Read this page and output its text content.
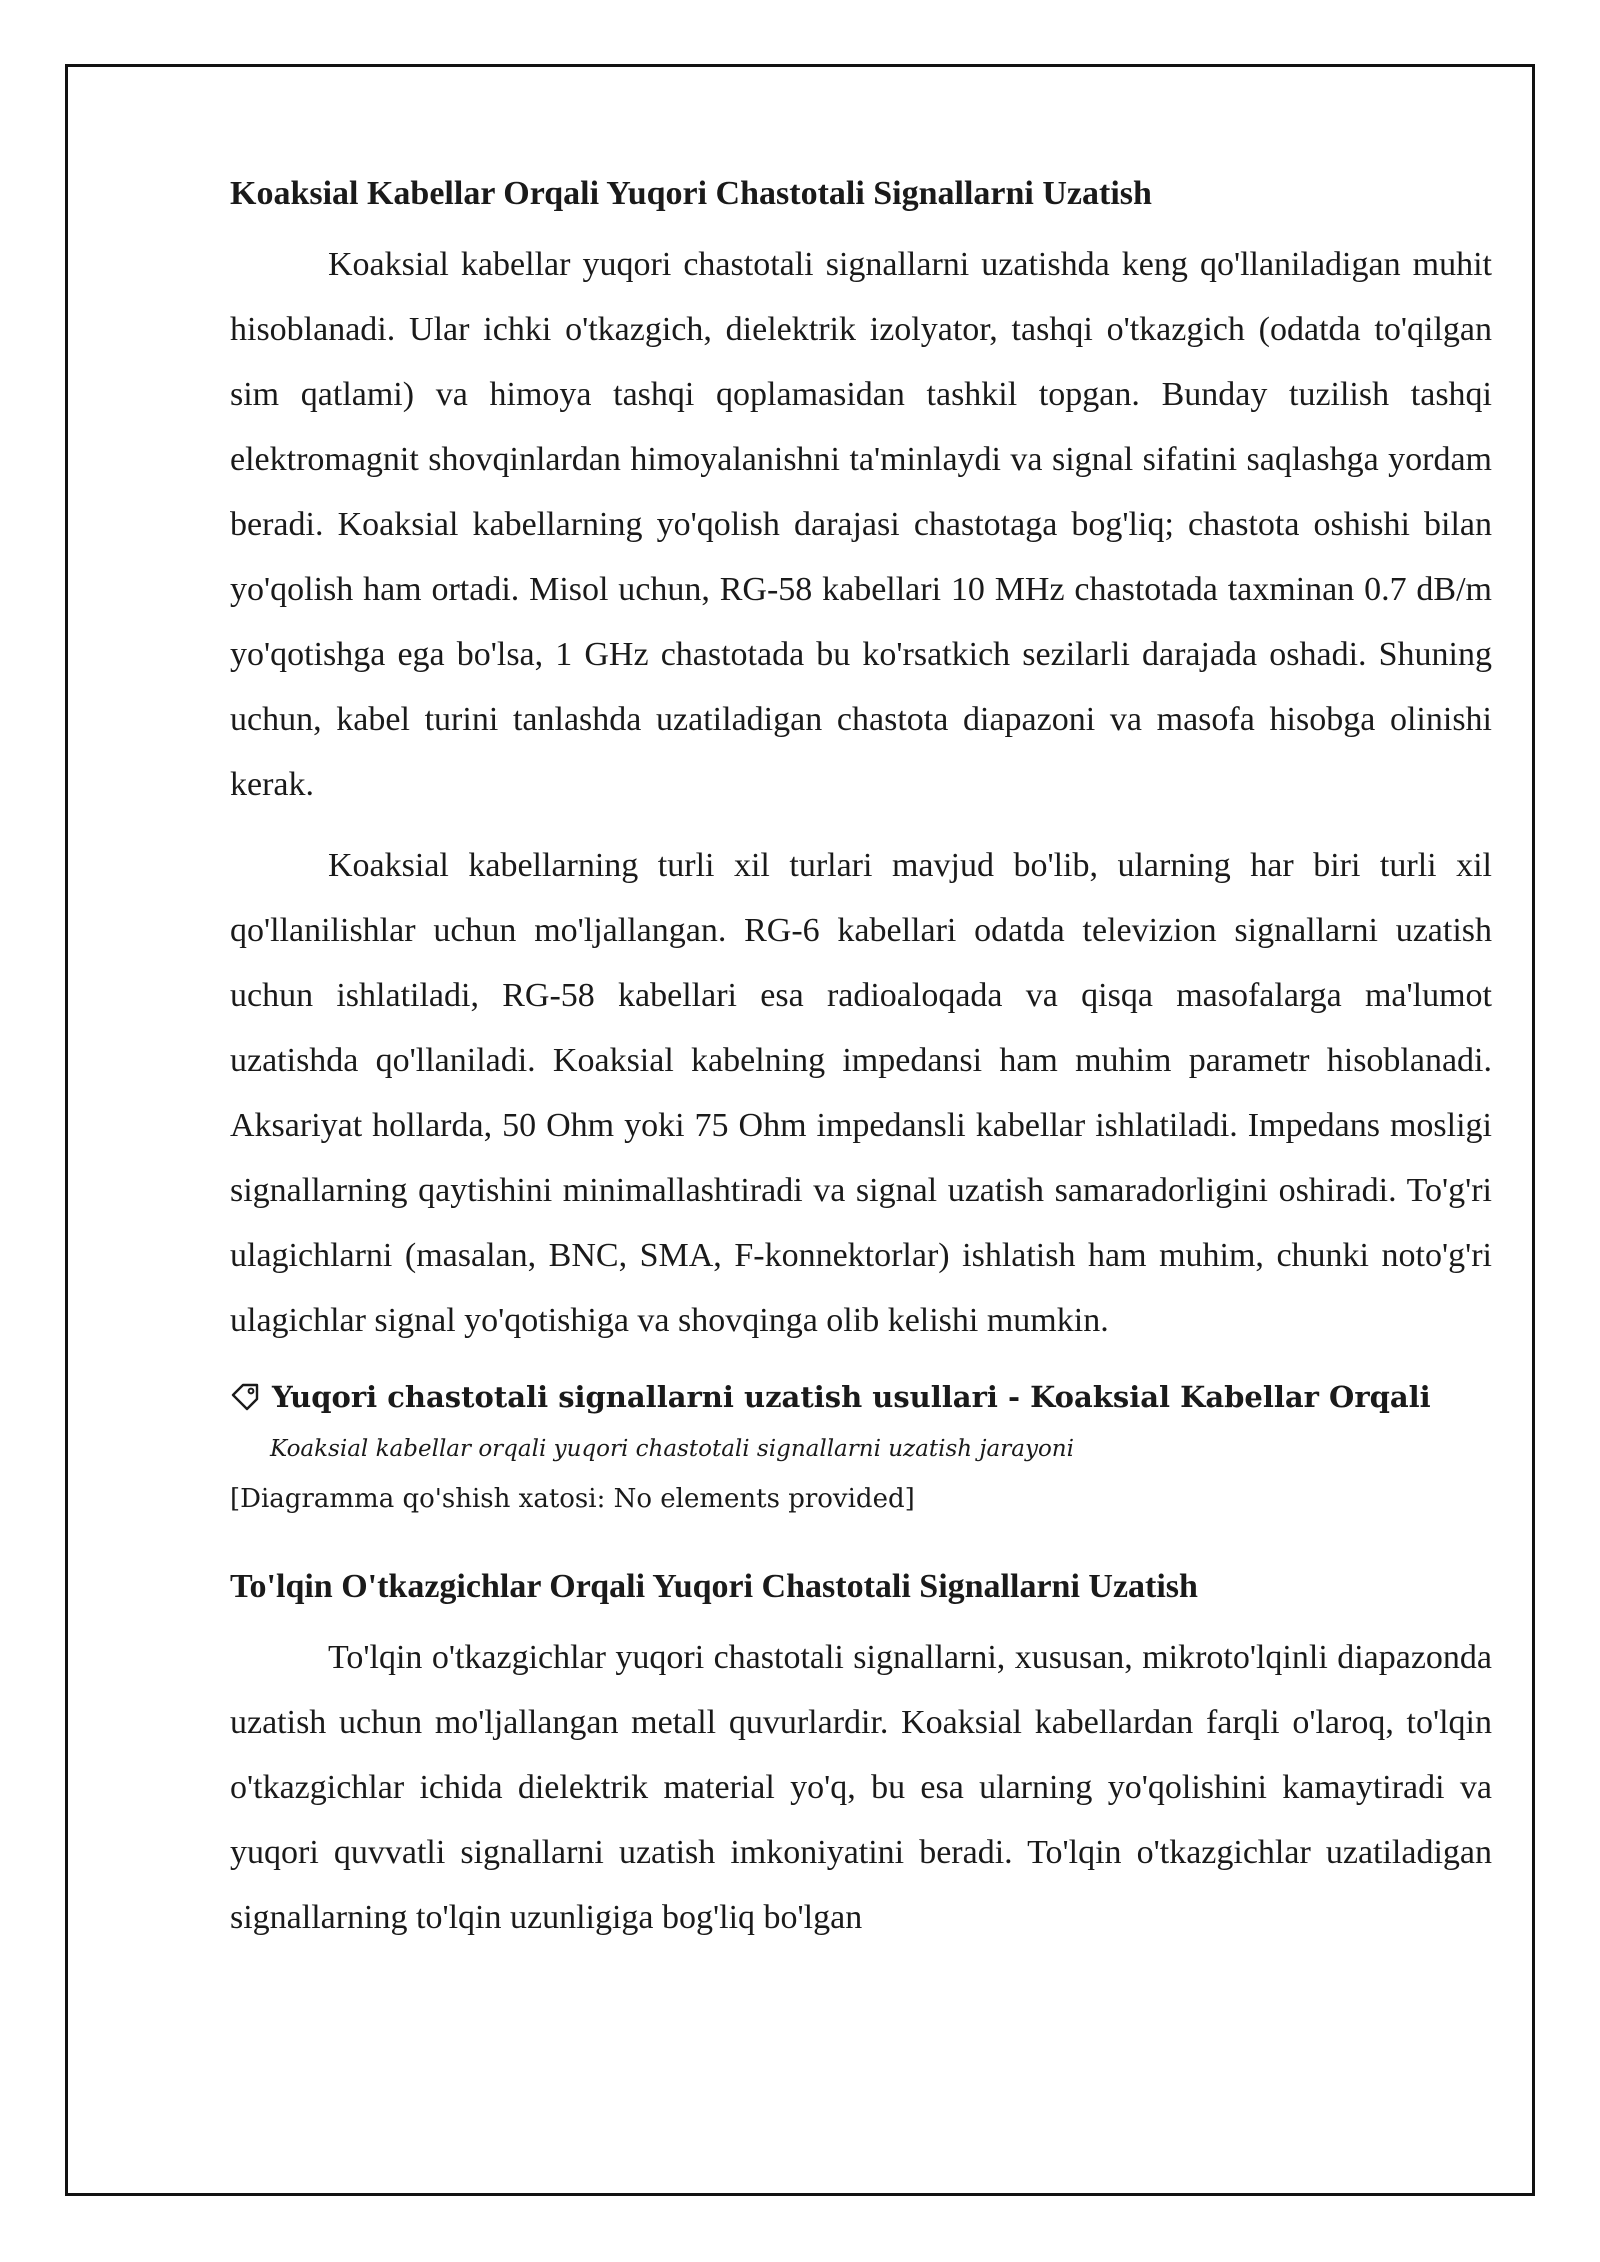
Koaksial Kabellar Orqali Yuqori Chastotali Signallarni Uzatish

Koaksial kabellar yuqori chastotali signallarni uzatishda keng qo'llaniladigan muhit hisoblanadi. Ular ichki o'tkazgich, dielektrik izolyator, tashqi o'tkazgich (odatda to'qilgan sim qatlami) va himoya tashqi qoplamasidan tashkil topgan. Bunday tuzilish tashqi elektromagnit shovqinlardan himoyalanishni ta'minlaydi va signal sifatini saqlashga yordam beradi. Koaksial kabellarning yo'qolish darajasi chastotaga bog'liq; chastota oshishi bilan yo'qolish ham ortadi. Misol uchun, RG-58 kabellari 10 MHz chastotada taxminan 0.7 dB/m yo'qotishga ega bo'lsa, 1 GHz chastotada bu ko'rsatkich sezilarli darajada oshadi. Shuning uchun, kabel turini tanlashda uzatiladigan chastota diapazoni va masofa hisobga olinishi kerak.

Koaksial kabellarning turli xil turlari mavjud bo'lib, ularning har biri turli xil qo'llanilishlar uchun mo'ljallangan. RG-6 kabellari odatda televizion signallarni uzatish uchun ishlatiladi, RG-58 kabellari esa radioaloqada va qisqa masofalarga ma'lumot uzatishda qo'llaniladi. Koaksial kabelning impedansi ham muhim parametr hisoblanadi. Aksariyat hollarda, 50 Ohm yoki 75 Ohm impedansli kabellar ishlatiladi. Impedans mosligi signallarning qaytishini minimallashtiradi va signal uzatish samaradorligini oshiradi. To'g'ri ulagichlarni (masalan, BNC, SMA, F-konnektorlar) ishlatish ham muhim, chunki noto'g'ri ulagichlar signal yo'qotishiga va shovqinga olib kelishi mumkin.

Yuqori chastotali signallarni uzatish usullari - Koaksial Kabellar Orqali

Koaksial kabellar orqali yuqori chastotali signallarni uzatish jarayoni

[Diagramma qo'shish xatosi: No elements provided]

To'lqin O'tkazgichlar Orqali Yuqori Chastotali Signallarni Uzatish

To'lqin o'tkazgichlar yuqori chastotali signallarni, xususan, mikroto'lqinli diapazonda uzatish uchun mo'ljallangan metall quvurlardir. Koaksial kabellardan farqli o'laroq, to'lqin o'tkazgichlar ichida dielektrik material yo'q, bu esa ularning yo'qolishini kamaytiradi va yuqori quvvatli signallarni uzatish imkoniyatini beradi. To'lqin o'tkazgichlar uzatiladigan signallarning to'lqin uzunligiga bog'liq bo'lgan
